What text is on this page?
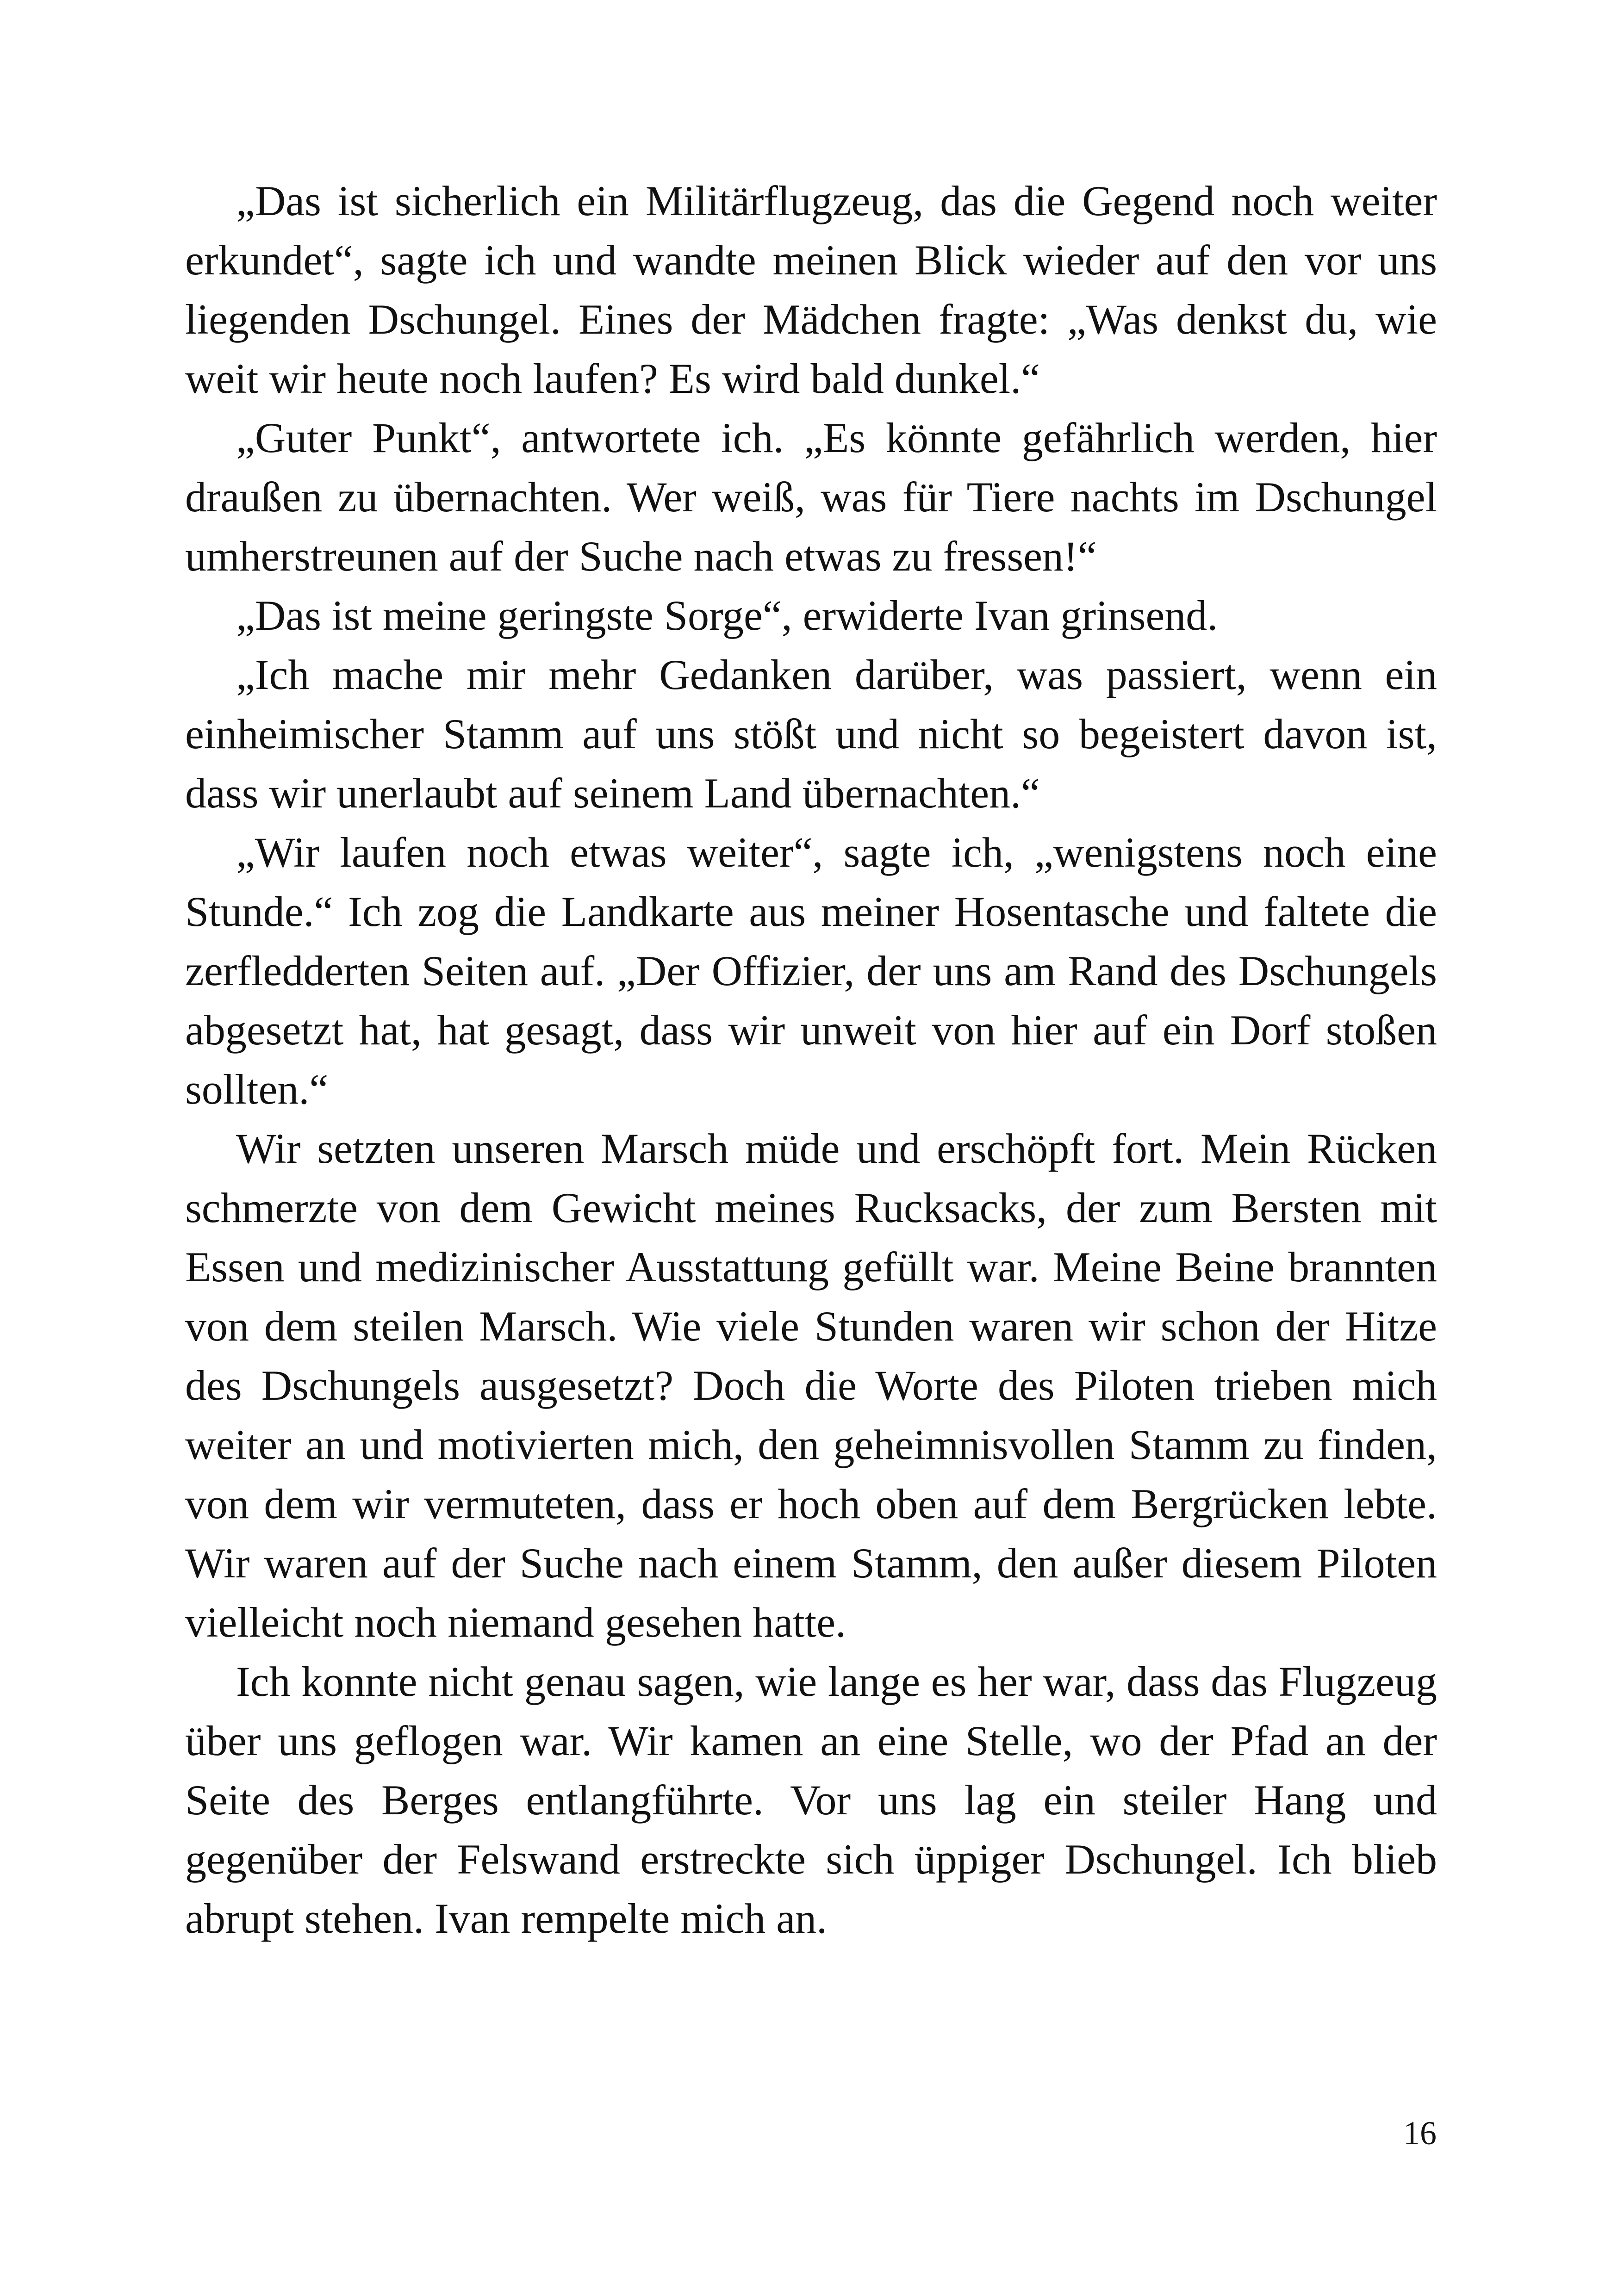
„Das ist sicherlich ein Militärflugzeug, das die Gegend noch weiter erkundet“, sagte ich und wandte meinen Blick wieder auf den vor uns liegenden Dschungel. Eines der Mädchen fragte: „Was denkst du, wie weit wir heute noch laufen? Es wird bald dunkel.“

„Guter Punkt“, antwortete ich. „Es könnte gefährlich werden, hier draußen zu übernachten. Wer weiß, was für Tiere nachts im Dschungel umherstreunen auf der Suche nach etwas zu fressen!“

„Das ist meine geringste Sorge“, erwiderte Ivan grinsend.

„Ich mache mir mehr Gedanken darüber, was passiert, wenn ein einheimischer Stamm auf uns stößt und nicht so begeistert davon ist, dass wir unerlaubt auf seinem Land übernachten.“

„Wir laufen noch etwas weiter“, sagte ich, „wenigstens noch eine Stunde.“ Ich zog die Landkarte aus meiner Hosentasche und faltete die zerfledderten Seiten auf. „Der Offizier, der uns am Rand des Dschungels abgesetzt hat, hat gesagt, dass wir unweit von hier auf ein Dorf stoßen sollten.“

Wir setzten unseren Marsch müde und erschöpft fort. Mein Rücken schmerzte von dem Gewicht meines Rucksacks, der zum Bersten mit Essen und medizinischer Ausstattung gefüllt war. Meine Beine brannten von dem steilen Marsch. Wie viele Stunden waren wir schon der Hitze des Dschungels ausgesetzt? Doch die Worte des Piloten trieben mich weiter an und motivierten mich, den geheimnisvollen Stamm zu finden, von dem wir vermuteten, dass er hoch oben auf dem Bergrücken lebte. Wir waren auf der Suche nach einem Stamm, den außer diesem Piloten vielleicht noch niemand gesehen hatte.

Ich konnte nicht genau sagen, wie lange es her war, dass das Flugzeug über uns geflogen war. Wir kamen an eine Stelle, wo der Pfad an der Seite des Berges entlangführte. Vor uns lag ein steiler Hang und gegenüber der Felswand erstreckte sich üppiger Dschungel. Ich blieb abrupt stehen. Ivan rempelte mich an.

16
